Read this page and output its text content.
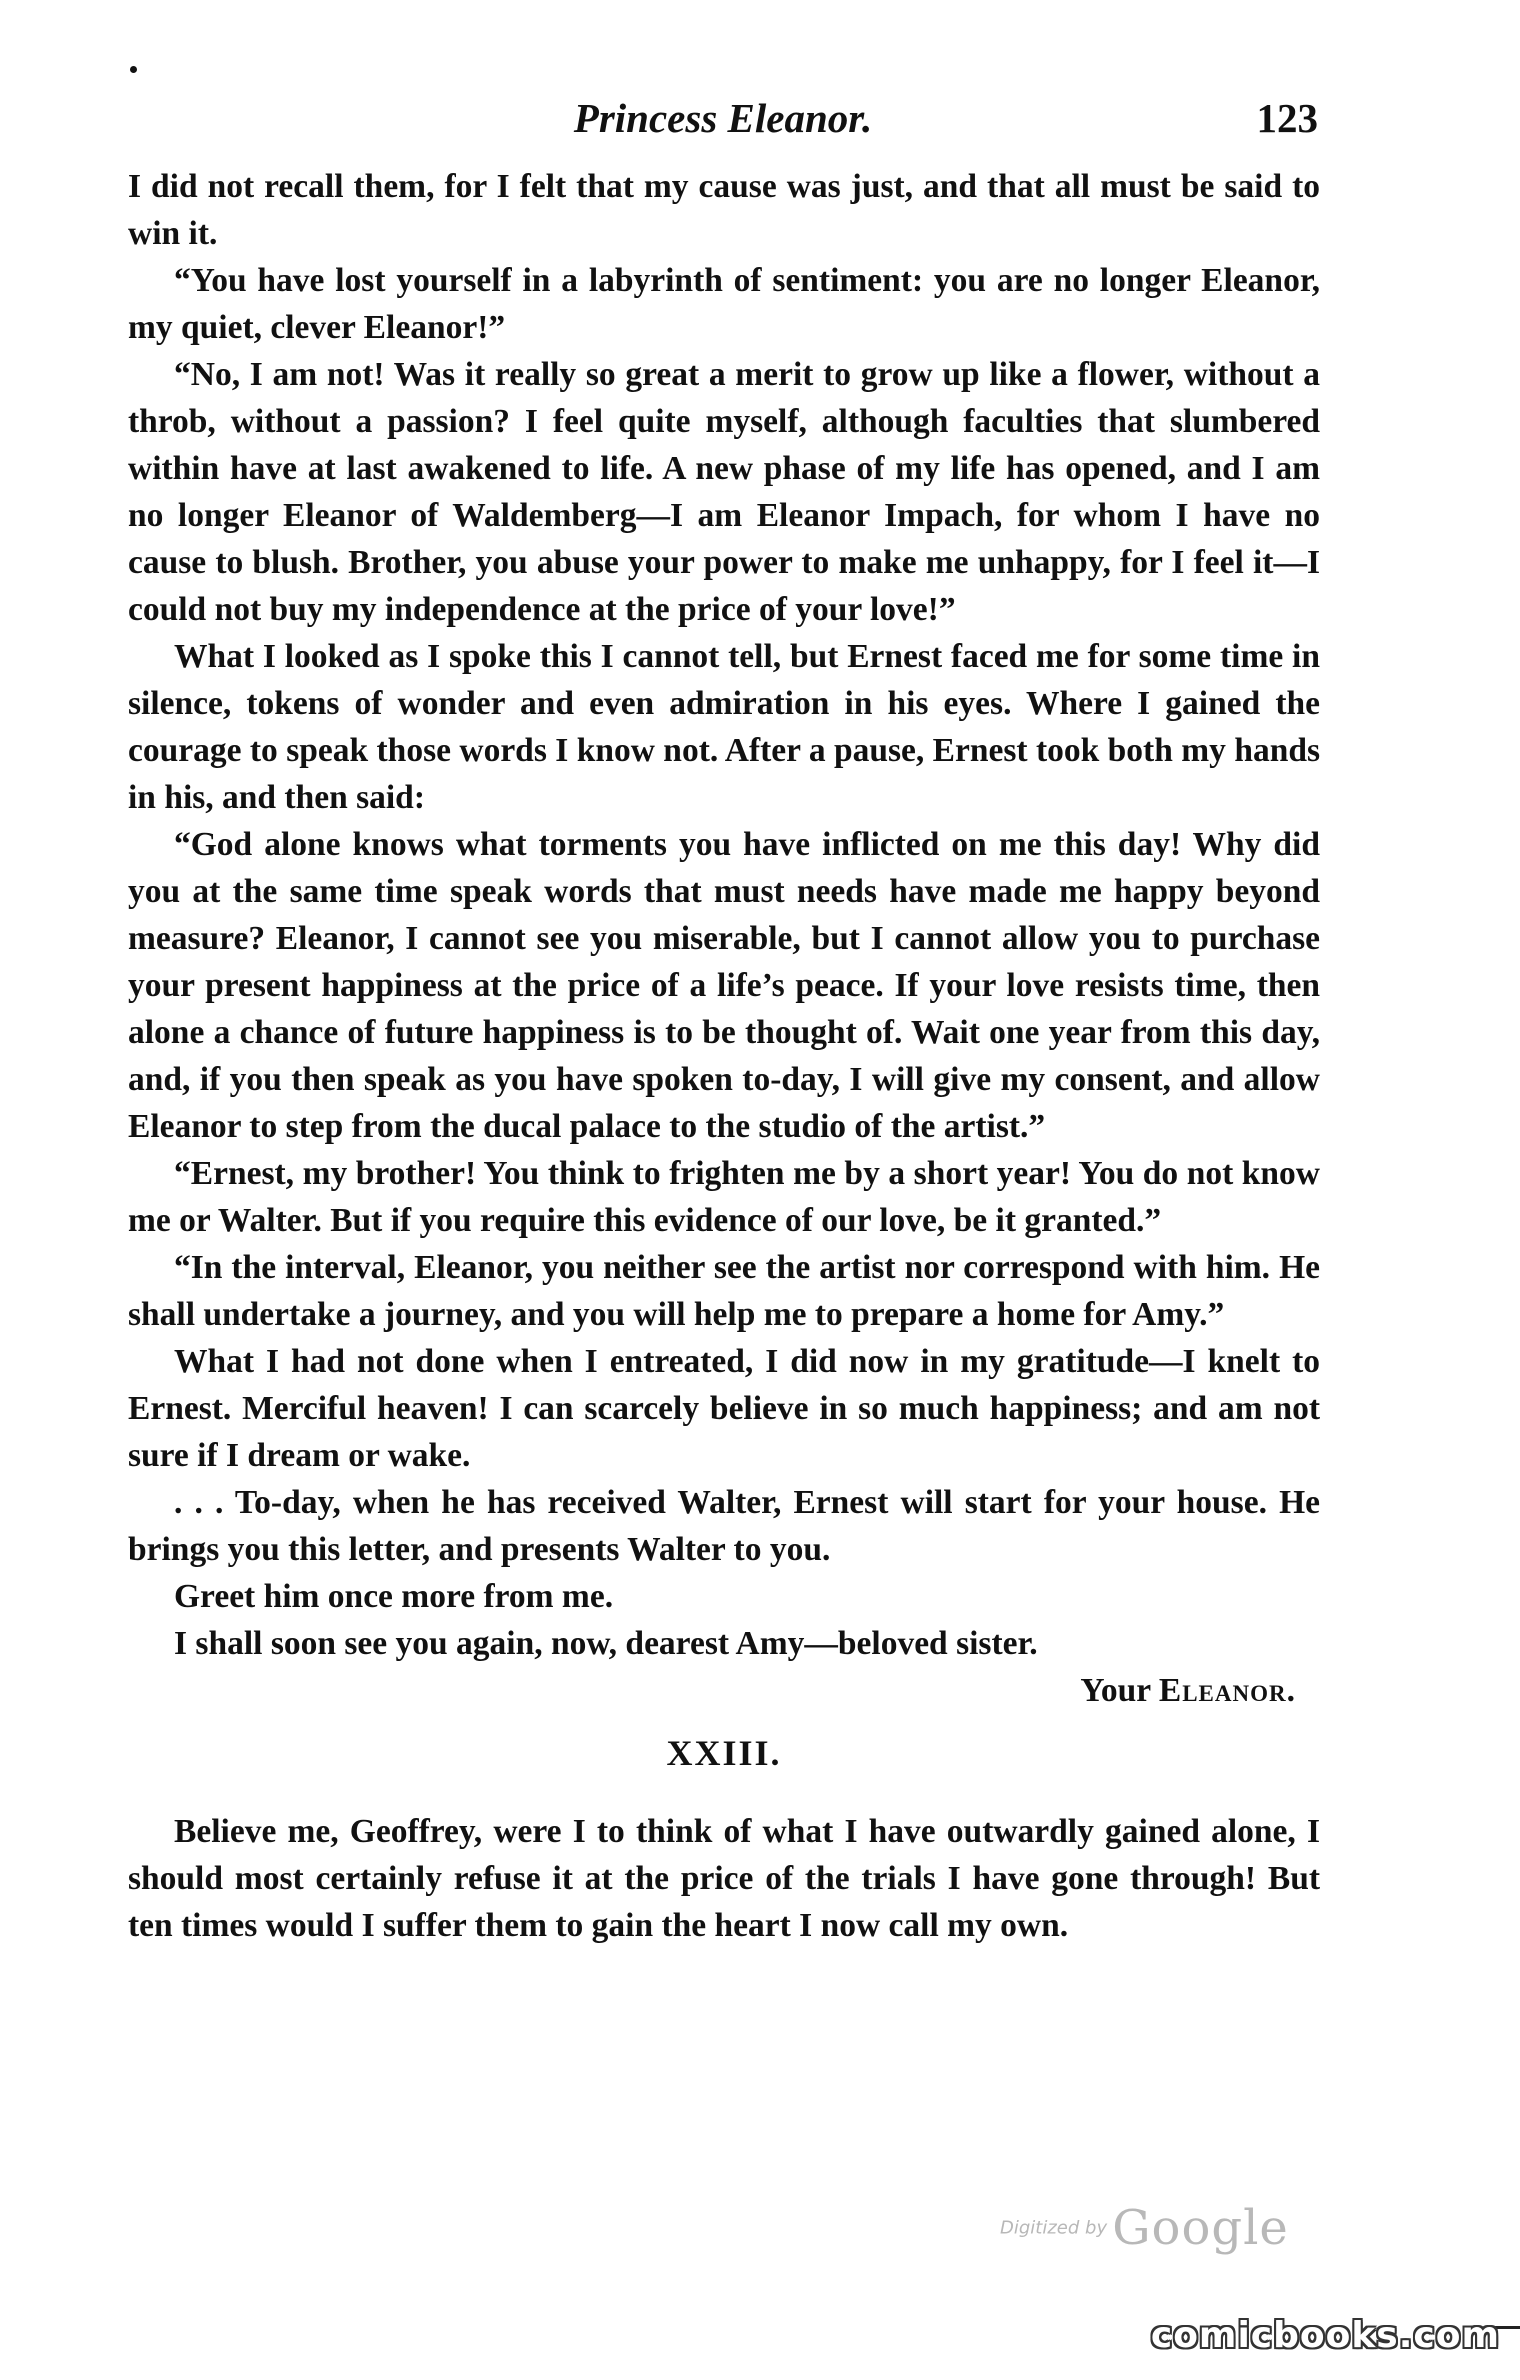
Princess Eleanor.	123

I did not recall them, for I felt that my cause was just, and that all must be said to win it.

“You have lost yourself in a labyrinth of sentiment: you are no longer Eleanor, my quiet, clever Eleanor!”

“No, I am not! Was it really so great a merit to grow up like a flower, without a throb, without a passion? I feel quite myself, although faculties that slumbered within have at last awakened to life. A new phase of my life has opened, and I am no longer Eleanor of Waldemberg—I am Eleanor Impach, for whom I have no cause to blush. Brother, you abuse your power to make me unhappy, for I feel it—I could not buy my independence at the price of your love!”

What I looked as I spoke this I cannot tell, but Ernest faced me for some time in silence, tokens of wonder and even admiration in his eyes. Where I gained the courage to speak those words I know not. After a pause, Ernest took both my hands in his, and then said:

“God alone knows what torments you have inflicted on me this day! Why did you at the same time speak words that must needs have made me happy beyond measure? Eleanor, I cannot see you miserable, but I cannot allow you to purchase your present happiness at the price of a life’s peace. If your love resists time, then alone a chance of future happiness is to be thought of. Wait one year from this day, and, if you then speak as you have spoken to-day, I will give my consent, and allow Eleanor to step from the ducal palace to the studio of the artist.”

“Ernest, my brother! You think to frighten me by a short year! You do not know me or Walter. But if you require this evidence of our love, be it granted.”

“In the interval, Eleanor, you neither see the artist nor correspond with him. He shall undertake a journey, and you will help me to prepare a home for Amy.”

What I had not done when I entreated, I did now in my gratitude—I knelt to Ernest. Merciful heaven! I can scarcely believe in so much happiness; and am not sure if I dream or wake.

. . . To-day, when he has received Walter, Ernest will start for your house. He brings you this letter, and presents Walter to you.

Greet him once more from me.

I shall soon see you again, now, dearest Amy—beloved sister.

Your Eleanor.

XXIII.

Believe me, Geoffrey, were I to think of what I have outwardly gained alone, I should most certainly refuse it at the price of the trials I have gone through! But ten times would I suffer them to gain the heart I now call my own.

Digitized by Google
comicbooks.com
